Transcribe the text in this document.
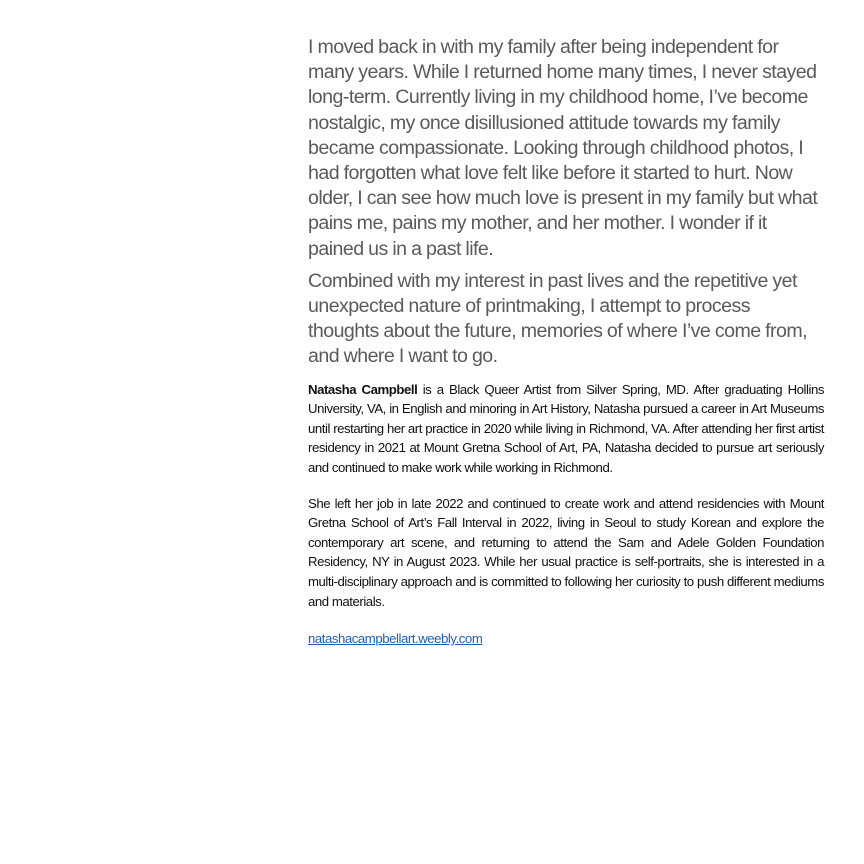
I moved back in with my family after being independent for many years. While I returned home many times, I never stayed long-term. Currently living in my childhood home, I’ve become nostalgic, my once disillusioned attitude towards my family became compassionate. Looking through childhood photos, I had forgotten what love felt like before it started to hurt. Now older, I can see how much love is present in my family but what pains me, pains my mother, and her mother. I wonder if it pained us in a past life.

Combined with my interest in past lives and the repetitive yet unexpected nature of printmaking, I attempt to process thoughts about the future, memories of where I’ve come from, and where I want to go.

Natasha Campbell is a Black Queer Artist from Silver Spring, MD. After graduating Hollins University, VA, in English and minoring in Art History, Natasha pursued a career in Art Museums until restarting her art practice in 2020 while living in Richmond, VA. After attending her first artist residency in 2021 at Mount Gretna School of Art, PA, Natasha decided to pursue art seriously and continued to make work while working in Richmond.

She left her job in late 2022 and continued to create work and attend residencies with Mount Gretna School of Art’s Fall Interval in 2022, living in Seoul to study Korean and explore the contemporary art scene, and returning to attend the Sam and Adele Golden Foundation Residency, NY in August 2023. While her usual practice is self-portraits, she is interested in a multi-disciplinary approach and is committed to following her curiosity to push different mediums and materials.

natashacampbellart.weebly.com
